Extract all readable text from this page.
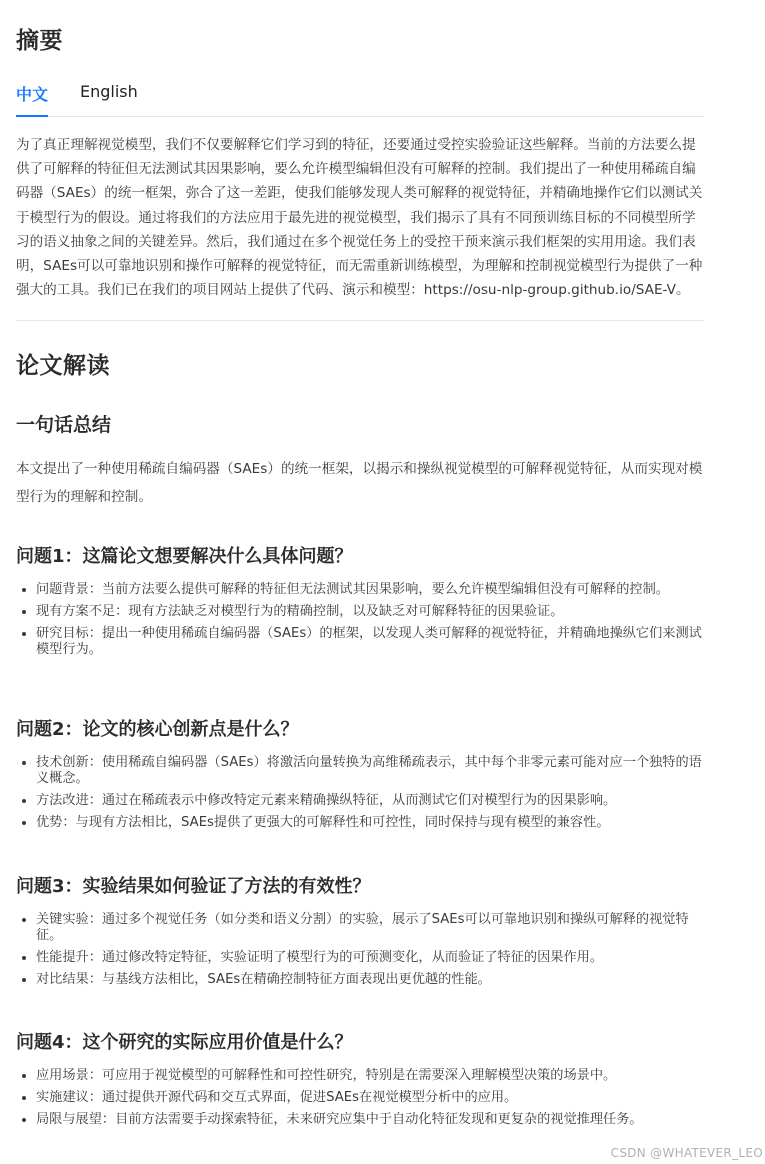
摘要
中文 English

为了真正理解视觉模型，我们不仅要解释它们学习到的特征，还要通过受控实验验证这些解释。当前的方法要么提供了可解释的特征但无法测试其因果影响，要么允许模型编辑但没有可解释的控制。我们提出了一种使用稀疏自编码器（SAEs）的统一框架，弥合了这一差距，使我们能够发现人类可解释的视觉特征，并精确地操作它们以测试关于模型行为的假设。通过将我们的方法应用于最先进的视觉模型，我们揭示了具有不同预训练目标的不同模型所学习的语义抽象之间的关键差异。然后，我们通过在多个视觉任务上的受控干预来演示我们框架的实用用途。我们表明，SAEs可以可靠地识别和操作可解释的视觉特征，而无需重新训练模型，为理解和控制视觉模型行为提供了一种强大的工具。我们已在我们的项目网站上提供了代码、演示和模型：https://osu-nlp-group.github.io/SAE-V。

论文解读
一句话总结

本文提出了一种使用稀疏自编码器（SAEs）的统一框架，以揭示和操纵视觉模型的可解释视觉特征，从而实现对模型行为的理解和控制。

问题1：这篇论文想要解决什么具体问题？
• 问题背景：当前方法要么提供可解释的特征但无法测试其因果影响，要么允许模型编辑但没有可解释的控制。
• 现有方案不足：现有方法缺乏对模型行为的精确控制，以及缺乏对可解释特征的因果验证。
• 研究目标：提出一种使用稀疏自编码器（SAEs）的框架，以发现人类可解释的视觉特征，并精确地操纵它们来测试模型行为。
问题2：论文的核心创新点是什么？
• 技术创新：使用稀疏自编码器（SAEs）将激活向量转换为高维稀疏表示，其中每个非零元素可能对应一个独特的语义概念。
• 方法改进：通过在稀疏表示中修改特定元素来精确操纵特征，从而测试它们对模型行为的因果影响。
• 优势：与现有方法相比，SAEs提供了更强大的可解释性和可控性，同时保持与现有模型的兼容性。
问题3：实验结果如何验证了方法的有效性？
• 关键实验：通过多个视觉任务（如分类和语义分割）的实验，展示了SAEs可以可靠地识别和操纵可解释的视觉特征。
• 性能提升：通过修改特定特征，实验证明了模型行为的可预测变化，从而验证了特征的因果作用。
• 对比结果：与基线方法相比，SAEs在精确控制特征方面表现出更优越的性能。
问题4：这个研究的实际应用价值是什么？
• 应用场景：可应用于视觉模型的可解释性和可控性研究，特别是在需要深入理解模型决策的场景中。
• 实施建议：通过提供开源代码和交互式界面，促进SAEs在视觉模型分析中的应用。
• 局限与展望：目前方法需要手动探索特征，未来研究应集中于自动化特征发现和更复杂的视觉推理任务。
CSDN @WHATEVER_LEO
